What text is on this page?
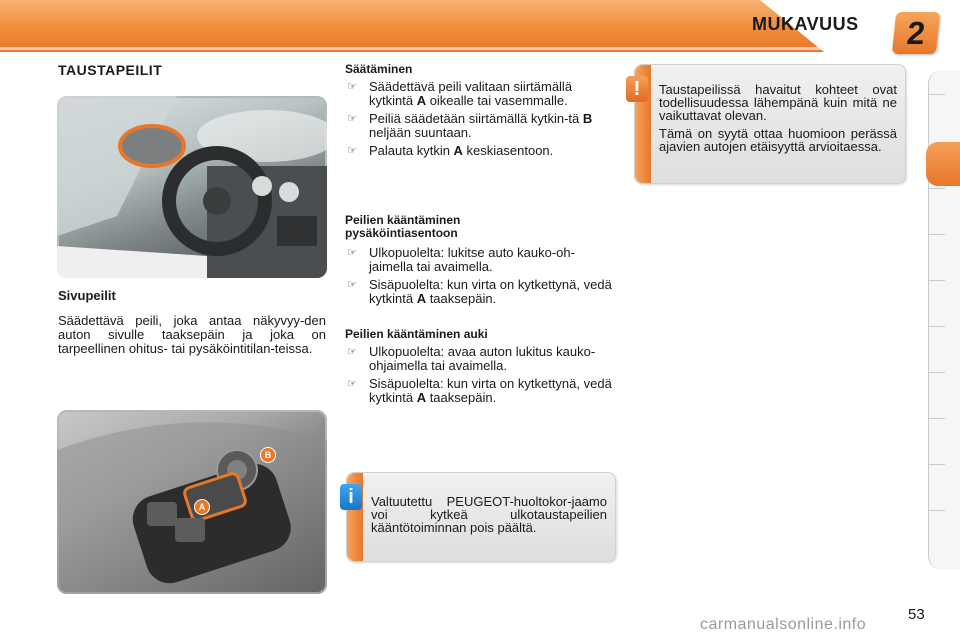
MUKAVUUS	2
TAUSTAPEILIT
Sivupeilit
Säädettävä peili, joka antaa näkyvyy-den auton sivulle taaksepäin ja joka on tarpeellinen ohitus- tai pysäköintitilan-teissa.
B
A
Säätäminen
☞ Säädettävä peili valitaan siirtämällä kytkintä A oikealle tai vasemmalle.
☞ Peiliä säädetään siirtämällä kytkin-tä B neljään suuntaan.
☞ Palauta kytkin A keskiasentoon.
Peilien kääntäminen pysäköintiasentoon
☞ Ulkopuolelta: lukitse auto kauko-oh-jaimella tai avaimella.
☞ Sisäpuolelta: kun virta on kytkettynä, vedä kytkintä A taaksepäin.
Peilien kääntäminen auki
☞ Ulkopuolelta: avaa auton lukitus kauko-ohjaimella tai avaimella.
☞ Sisäpuolelta: kun virta on kytkettynä, vedä kytkintä A taaksepäin.
Taustapeilissä havaitut kohteet ovat todellisuudessa lähempänä kuin mitä ne vaikuttavat olevan.
Tämä on syytä ottaa huomioon perässä ajavien autojen etäisyyttä arvioitaessa.
!
Valtuutettu PEUGEOT-huoltokor-jaamo voi kytkeä ulkotaustapeilien kääntötoiminnan pois päältä.
i
53
carmanualsonline.info
